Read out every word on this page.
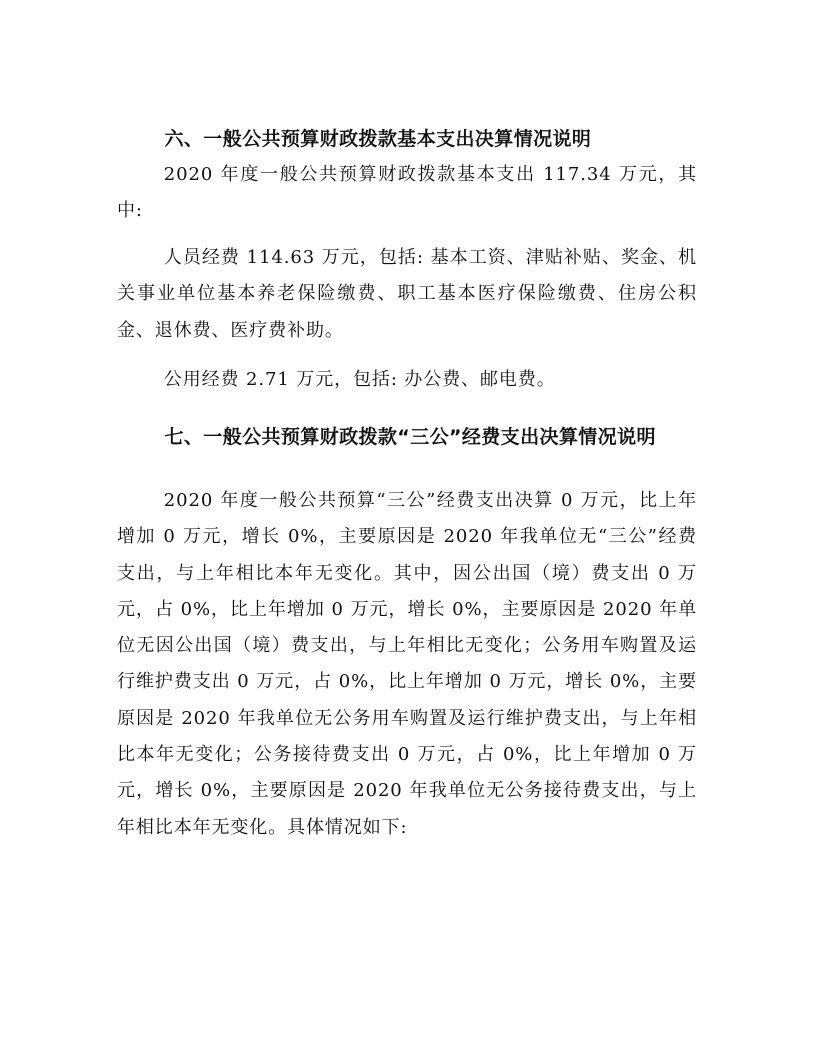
六、一般公共预算财政拨款基本支出决算情况说明
2020 年度一般公共预算财政拨款基本支出 117.34 万元，其中:
人员经费 114.63 万元，包括: 基本工资、津贴补贴、奖金、机关事业单位基本养老保险缴费、职工基本医疗保险缴费、住房公积金、退休费、医疗费补助。
公用经费 2.71 万元，包括: 办公费、邮电费。
七、一般公共预算财政拨款“三公”经费支出决算情况说明
2020 年度一般公共预算“三公”经费支出决算 0 万元，比上年增加 0 万元，增长 0%，主要原因是 2020 年我单位无“三公”经费支出，与上年相比本年无变化。其中，因公出国（境）费支出 0 万元，占 0%，比上年增加 0 万元，增长 0%，主要原因是 2020 年单位无因公出国（境）费支出，与上年相比无变化；公务用车购置及运行维护费支出 0 万元，占 0%，比上年增加 0 万元，增长 0%，主要原因是 2020 年我单位无公务用车购置及运行维护费支出，与上年相比本年无变化；公务接待费支出 0 万元，占 0%，比上年增加 0 万元，增长 0%，主要原因是 2020 年我单位无公务接待费支出，与上年相比本年无变化。具体情况如下:
